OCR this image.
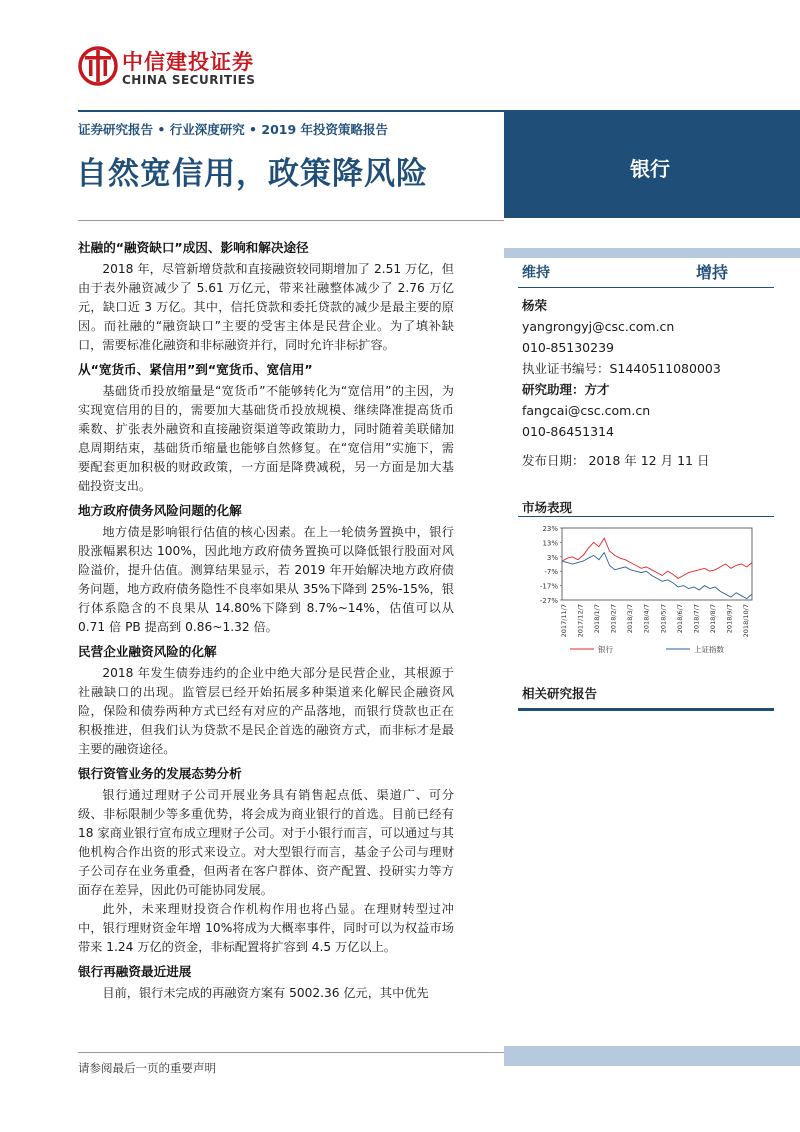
中信建投证券
CHINA SECURITIES
证券研究报告 • 行业深度研究 • 2019 年投资策略报告
自然宽信用，政策降风险	银行
社融的“融资缺口”成因、影响和解决途径

2018 年，尽管新增贷款和直接融资较同期增加了 2.51 万亿，但由于表外融资减少了 5.61 万亿元，带来社融整体减少了 2.76 万亿元，缺口近 3 万亿。其中，信托贷款和委托贷款的减少是最主要的原因。而社融的“融资缺口”主要的受害主体是民营企业。为了填补缺口，需要标准化融资和非标融资并行，同时允许非标扩容。

从“宽货币、紧信用”到“宽货币、宽信用”

基础货币投放缩量是“宽货币”不能够转化为“宽信用”的主因，为实现宽信用的目的，需要加大基础货币投放规模、继续降准提高货币乘数、扩张表外融资和直接融资渠道等政策助力，同时随着美联储加息周期结束，基础货币缩量也能够自然修复。在“宽信用”实施下，需要配套更加积极的财政政策，一方面是降费减税，另一方面是加大基础投资支出。

地方政府债务风险问题的化解

地方债是影响银行估值的核心因素。在上一轮债务置换中，银行股涨幅累积达 100%，因此地方政府债务置换可以降低银行股面对风险溢价，提升估值。测算结果显示，若 2019 年开始解决地方政府债务问题，地方政府债务隐性不良率如果从 35%下降到 25%-15%，银行体系隐含的不良果从 14.80%下降到 8.7%~14%，估值可以从 0.71 倍 PB 提高到 0.86~1.32 倍。

民营企业融资风险的化解

2018 年发生债券违约的企业中绝大部分是民营企业，其根源于社融缺口的出现。监管层已经开始拓展多种渠道来化解民企融资风险，保险和债券两种方式已经有对应的产品落地，而银行贷款也正在积极推进，但我们认为贷款不是民企首选的融资方式，而非标才是最主要的融资途径。

银行资管业务的发展态势分析

银行通过理财子公司开展业务具有销售起点低、渠道广、可分级、非标限制少等多重优势，将会成为商业银行的首选。目前已经有 18 家商业银行宣布成立理财子公司。对于小银行而言，可以通过与其他机构合作出资的形式来设立。对大型银行而言，基金子公司与理财子公司存在业务重叠，但两者在客户群体、资产配置、投研实力等方面存在差异，因此仍可能协同发展。

此外，未来理财投资合作机构作用也将凸显。在理财转型过冲中，银行理财资金年增 10%将成为大概率事件，同时可以为权益市场带来 1.24 万亿的资金，非标配置将扩容到 4.5 万亿以上。

银行再融资最近进展

目前，银行未完成的再融资方案有 5002.36 亿元，其中优先

维持	增持
杨荣
yangrongyj@csc.com.cn
010-85130239
执业证书编号：S1440511080003
研究助理：方才
fangcai@csc.com.cn
010-86451314
发布日期： 2018 年 12 月 11 日
市场表现
23%
13%
3%
-7%
-17%
-27%
2017/11/7 2017/12/7 2018/1/7 2018/2/7 2018/3/7 2018/4/7 2018/5/7 2018/6/7 2018/7/7 2018/8/7 2018/9/7 2018/10/7
银行	上证指数
相关研究报告
请参阅最后一页的重要声明
